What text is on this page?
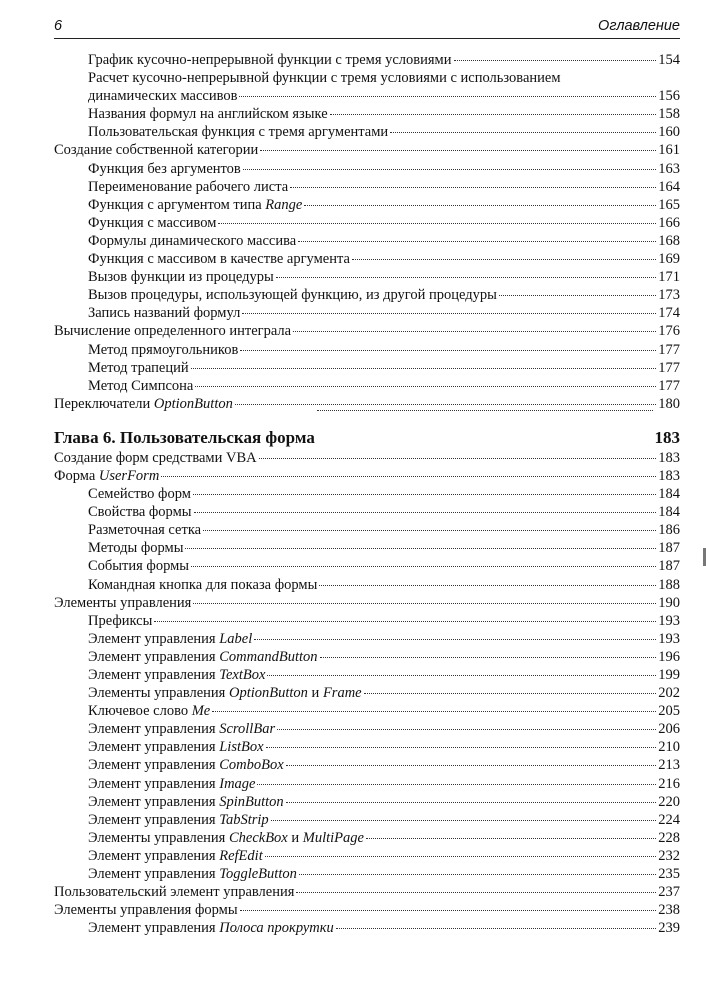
6	Оглавление
График кусочно-непрерывной функции с тремя условиями	154
Расчет кусочно-непрерывной функции с тремя условиями с использованием
динамических массивов	156
Названия формул на английском языке	158
Пользовательская функция с тремя аргументами	160
Создание собственной категории	161
Функция без аргументов	163
Переименование рабочего листа	164
Функция с аргументом типа Range	165
Функция с массивом	166
Формулы динамического массива	168
Функция с массивом в качестве аргумента	169
Вызов функции из процедуры	171
Вызов процедуры, использующей функцию, из другой процедуры	173
Запись названий формул	174
Вычисление определенного интеграла	176
Метод прямоугольников	177
Метод трапеций	177
Метод Симпсона	177
Переключатели OptionButton	180
Глава 6. Пользовательская форма	183
Создание форм средствами VBA	183
Форма UserForm	183
Семейство форм	184
Свойства формы	184
Разметочная сетка	186
Методы формы	187
События формы	187
Командная кнопка для показа формы	188
Элементы управления	190
Префиксы	193
Элемент управления Label	193
Элемент управления CommandButton	196
Элемент управления TextBox	199
Элементы управления OptionButton и Frame	202
Ключевое слово Me	205
Элемент управления ScrollBar	206
Элемент управления ListBox	210
Элемент управления ComboBox	213
Элемент управления Image	216
Элемент управления SpinButton	220
Элемент управления TabStrip	224
Элементы управления CheckBox и MultiPage	228
Элемент управления RefEdit	232
Элемент управления ToggleButton	235
Пользовательский элемент управления	237
Элементы управления формы	238
Элемент управления Полоса прокрутки	239
